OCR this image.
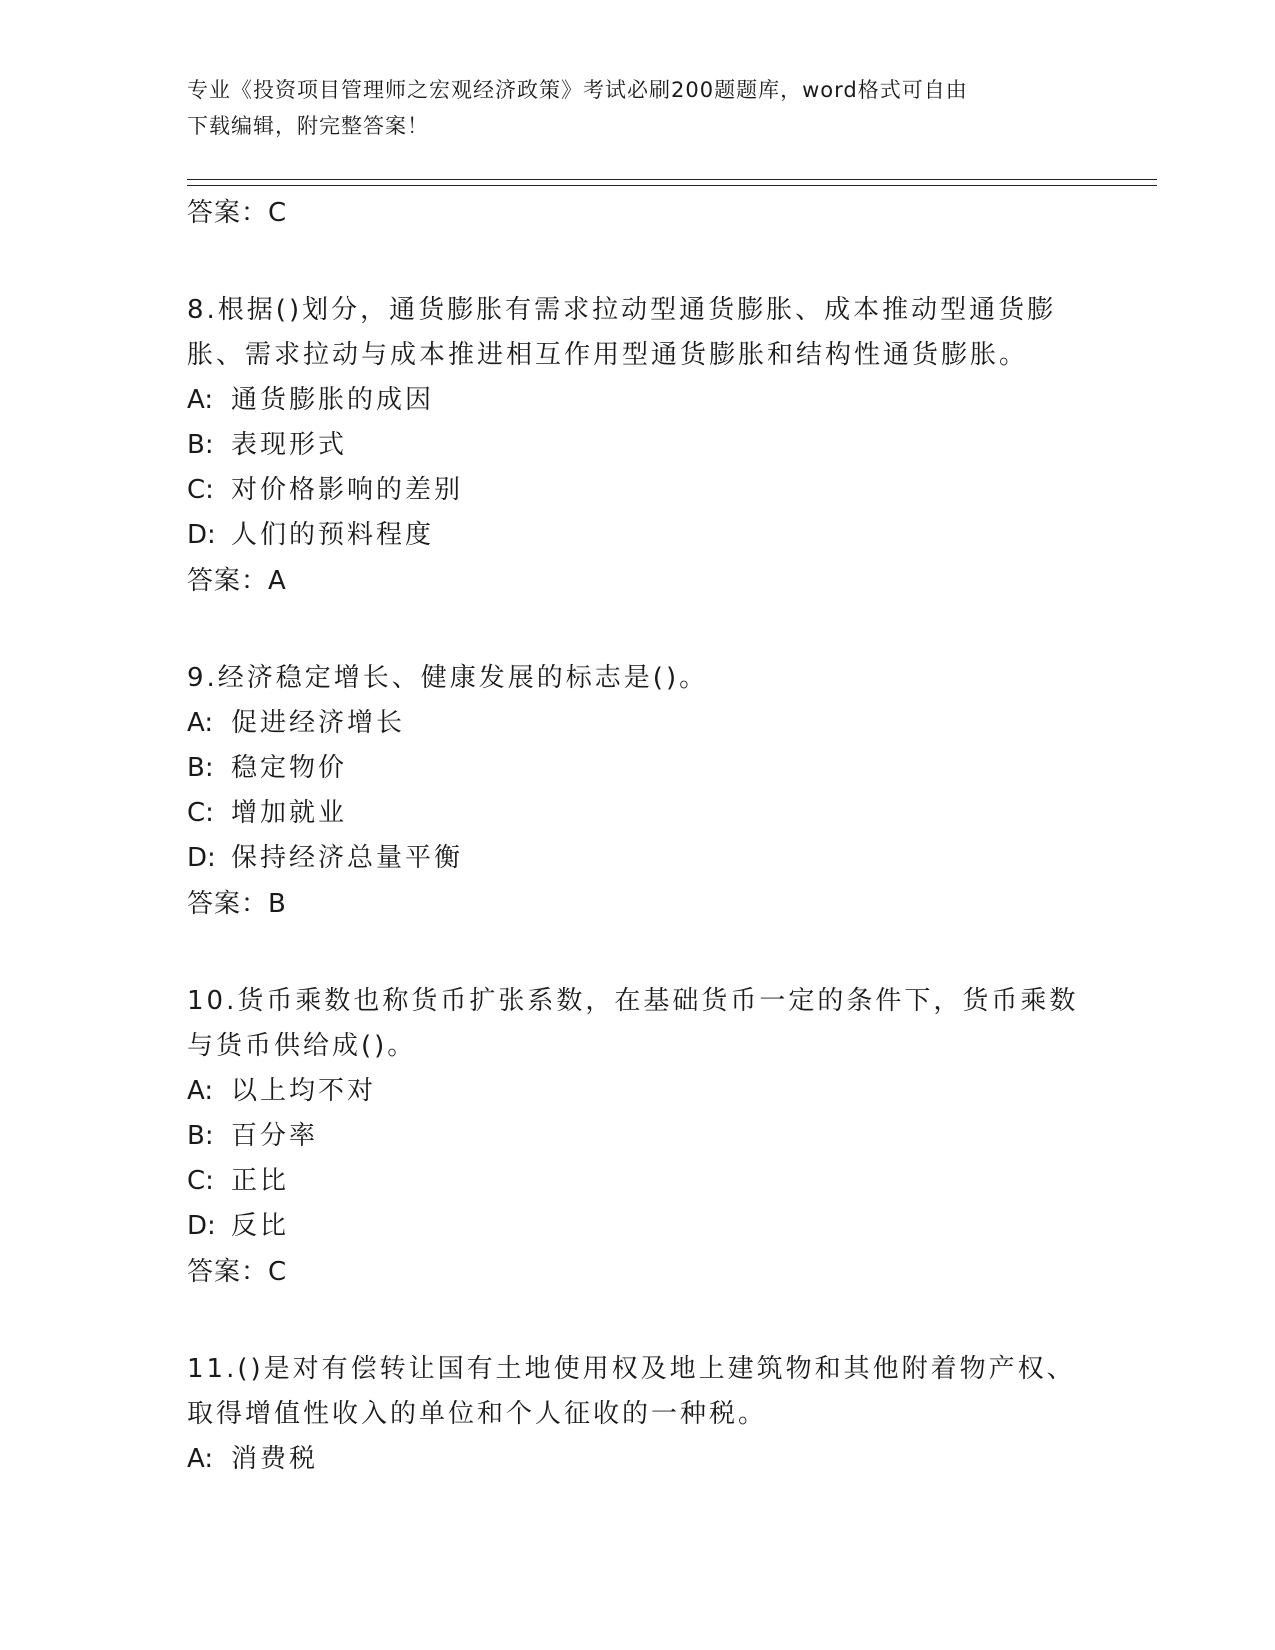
专业《投资项目管理师之宏观经济政策》考试必刷200题题库，word格式可自由
下载编辑，附完整答案！
答案：C
8.根据()划分，通货膨胀有需求拉动型通货膨胀、成本推动型通货膨
胀、需求拉动与成本推进相互作用型通货膨胀和结构性通货膨胀。
A: 通货膨胀的成因
B: 表现形式
C: 对价格影响的差别
D: 人们的预料程度
答案：A
9.经济稳定增长、健康发展的标志是()。
A: 促进经济增长
B: 稳定物价
C: 增加就业
D: 保持经济总量平衡
答案：B
10.货币乘数也称货币扩张系数，在基础货币一定的条件下，货币乘数
与货币供给成()。
A: 以上均不对
B: 百分率
C: 正比
D: 反比
答案：C
11.()是对有偿转让国有土地使用权及地上建筑物和其他附着物产权、
取得增值性收入的单位和个人征收的一种税。
A: 消费税
